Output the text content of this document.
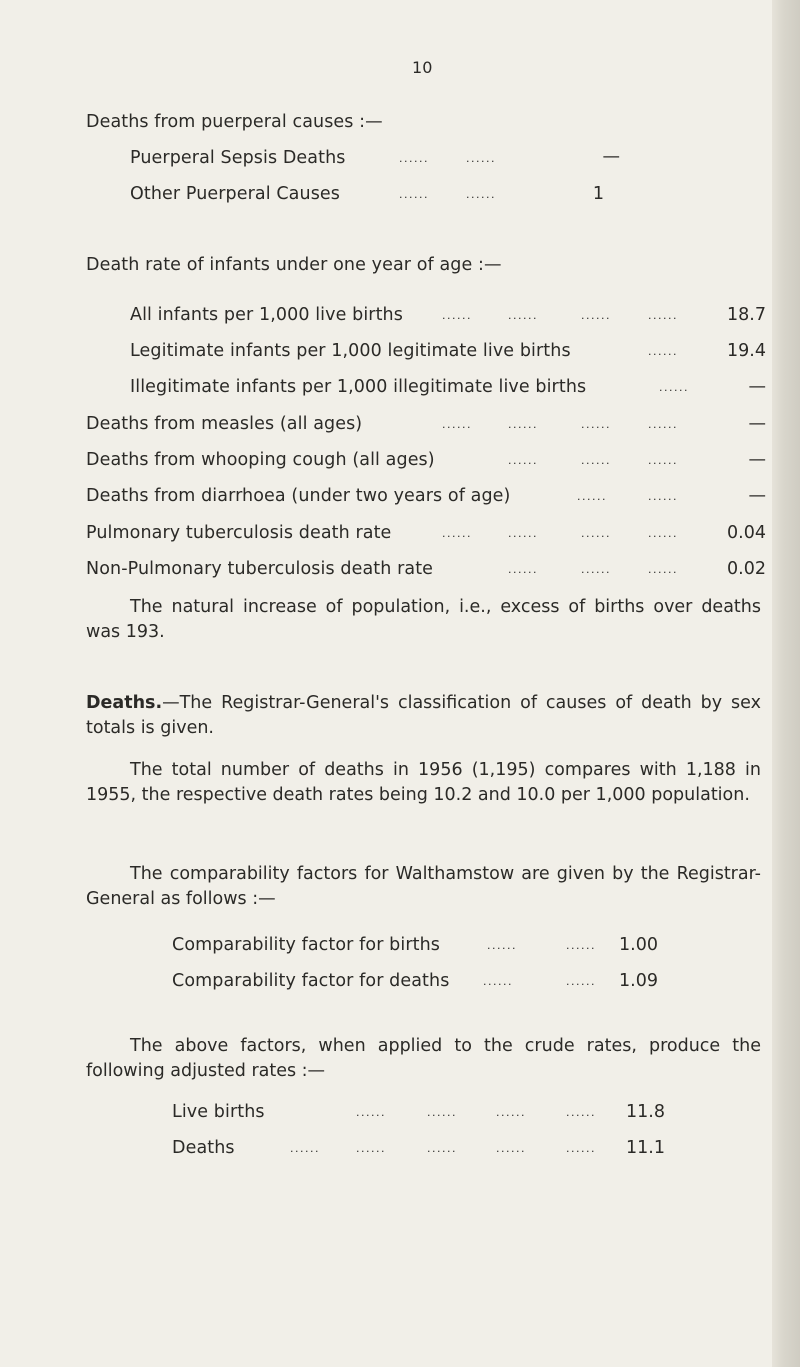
10
Deaths from puerperal causes :—
Puerperal Sepsis Deaths	......	......	—
Other Puerperal Causes	......	......	1
Death rate of infants under one year of age :—
All infants per 1,000 live births	......	......	......	......	18.7
Legitimate infants per 1,000 legitimate live births	......	19.4
Illegitimate infants per 1,000 illegitimate live births	......	—
Deaths from measles (all ages)	......	......	......	......	—
Deaths from whooping cough (all ages)	......	......	......	—
Deaths from diarrhoea (under two years of age)	......	......	—
Pulmonary tuberculosis death rate	......	......	......	......	0.04
Non-Pulmonary tuberculosis death rate	......	......	......	0.02
The natural increase of population, i.e., excess of births over deaths was 193.
Deaths.—The Registrar-General's classification of causes of death by sex totals is given.
The total number of deaths in 1956 (1,195) compares with 1,188 in 1955, the respective death rates being 10.2 and 10.0 per 1,000 population.
The comparability factors for Walthamstow are given by the Registrar-General as follows :—
Comparability factor for births	......	......	1.00
Comparability factor for deaths	......	......	1.09
The above factors, when applied to the crude rates, produce the following adjusted rates :—
Live births	......	......	......	......	11.8
Deaths	......	......	......	......	......	11.1
